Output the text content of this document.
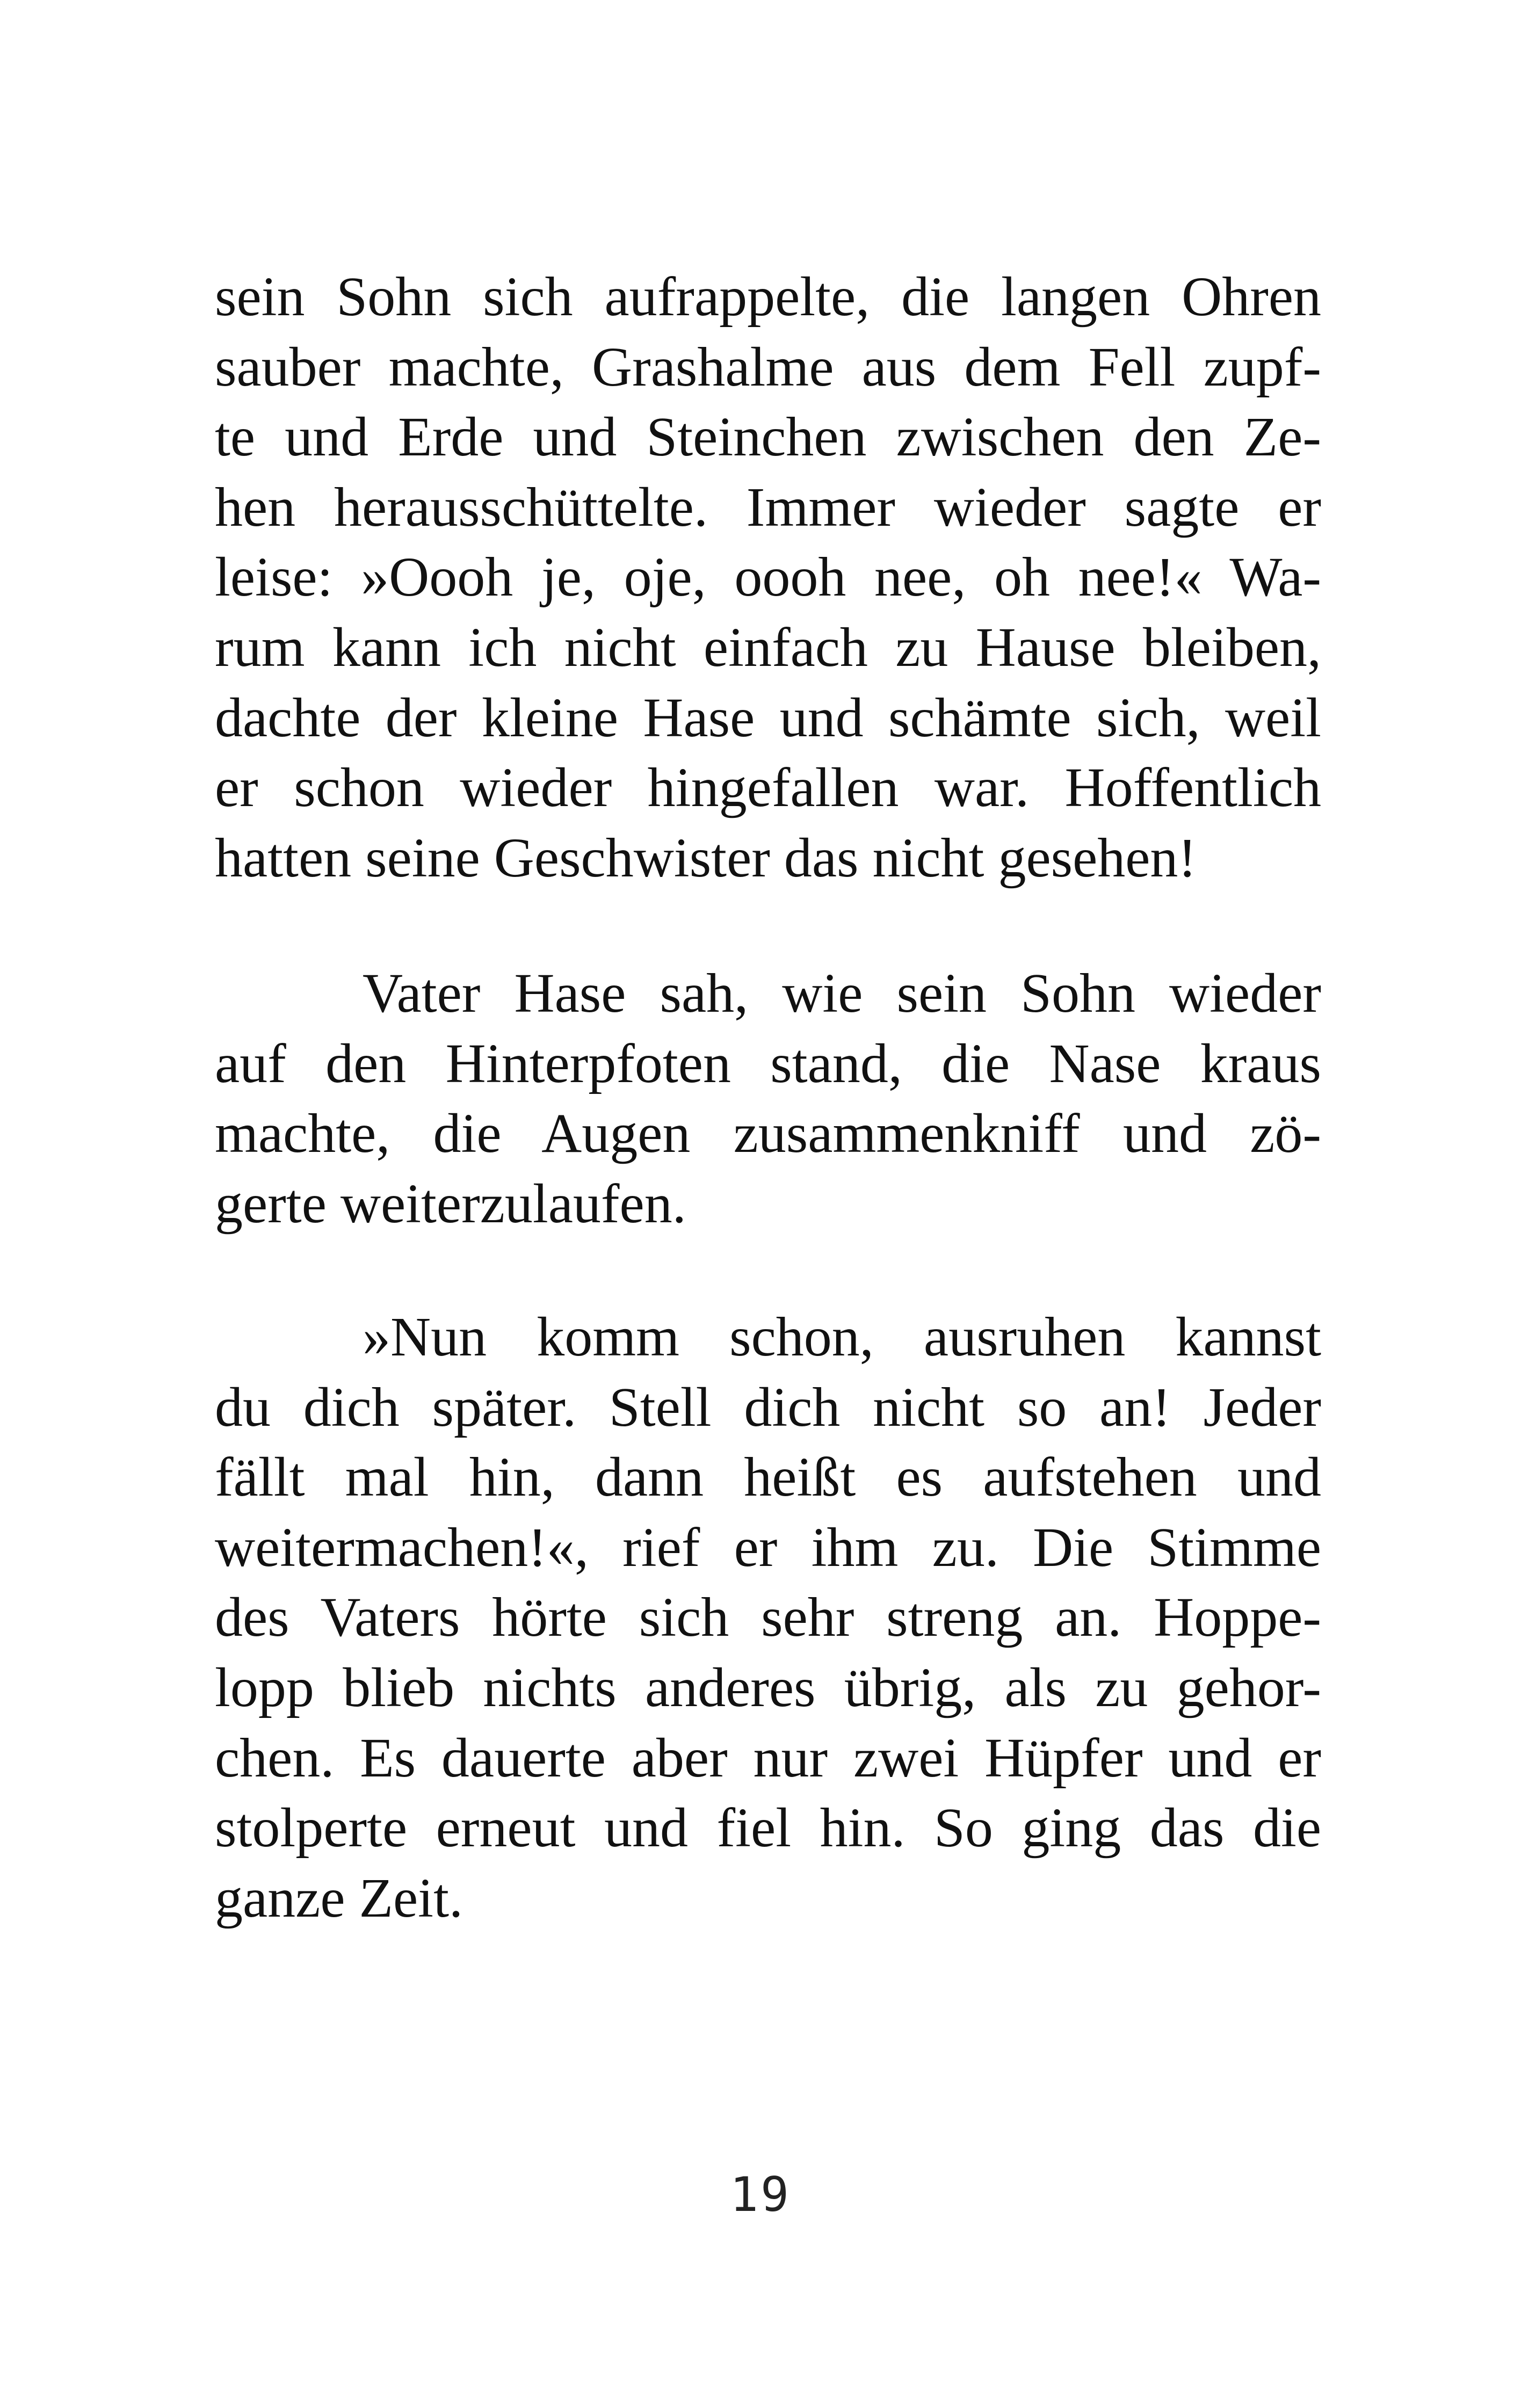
sein Sohn sich aufrappelte, die langen Ohren
sauber machte, Grashalme aus dem Fell zupf-
te und Erde und Steinchen zwischen den Ze-
hen herausschüttelte. Immer wieder sagte er
leise: »Oooh je, oje, oooh nee, oh nee!« Wa-
rum kann ich nicht einfach zu Hause bleiben,
dachte der kleine Hase und schämte sich, weil
er schon wieder hingefallen war. Hoffentlich
hatten seine Geschwister das nicht gesehen!
Vater Hase sah, wie sein Sohn wieder
auf den Hinterpfoten stand, die Nase kraus
machte, die Augen zusammenkniff und zö-
gerte weiterzulaufen.
»Nun komm schon, ausruhen kannst
du dich später. Stell dich nicht so an! Jeder
fällt mal hin, dann heißt es aufstehen und
weitermachen!«, rief er ihm zu. Die Stimme
des Vaters hörte sich sehr streng an. Hoppe-
lopp blieb nichts anderes übrig, als zu gehor-
chen. Es dauerte aber nur zwei Hüpfer und er
stolperte erneut und fiel hin. So ging das die
ganze Zeit.
19
